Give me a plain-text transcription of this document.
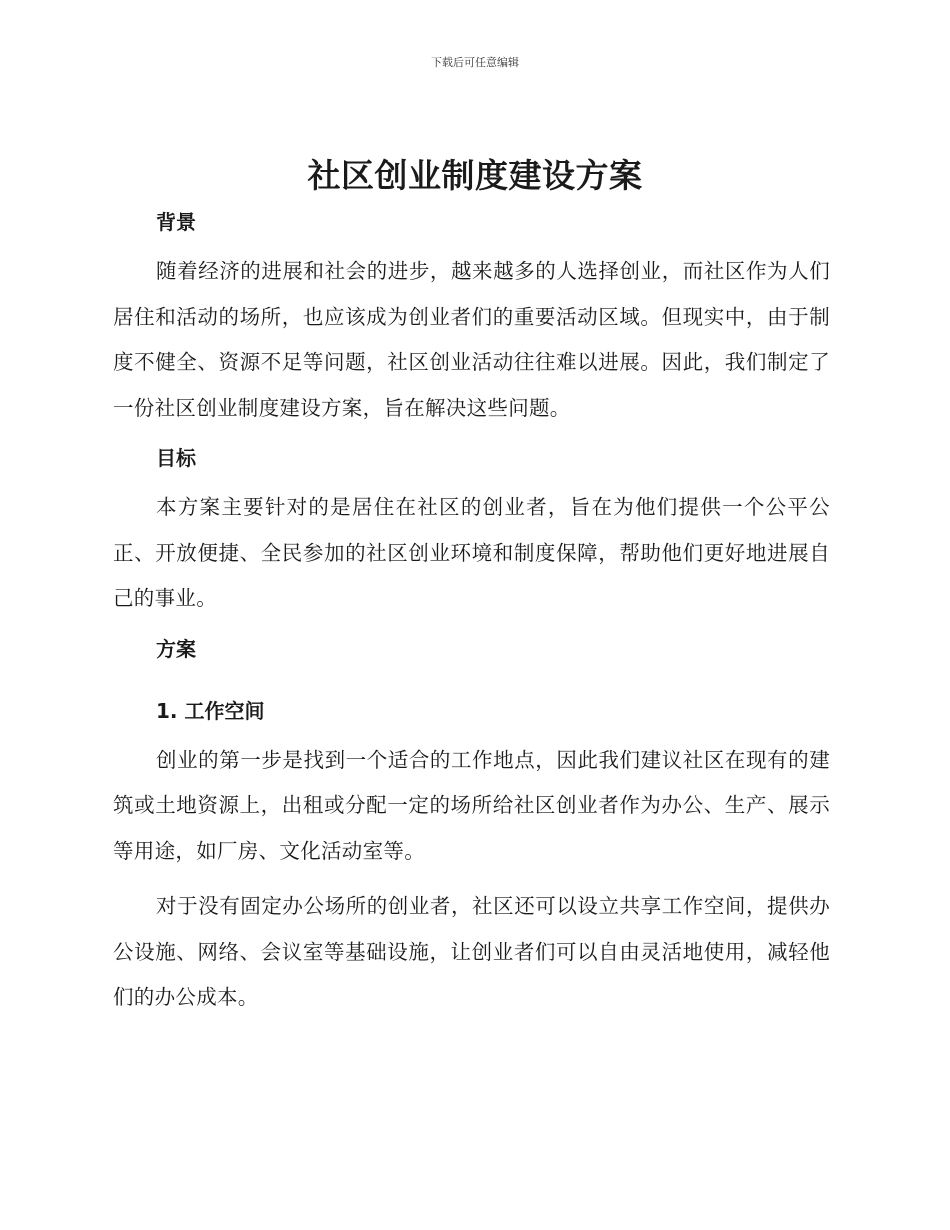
下载后可任意编辑
社区创业制度建设方案

背景

随着经济的进展和社会的进步，越来越多的人选择创业，而社区作为人们居住和活动的场所，也应该成为创业者们的重要活动区域。但现实中，由于制度不健全、资源不足等问题，社区创业活动往往难以进展。因此，我们制定了一份社区创业制度建设方案，旨在解决这些问题。

目标

本方案主要针对的是居住在社区的创业者，旨在为他们提供一个公平公正、开放便捷、全民参加的社区创业环境和制度保障，帮助他们更好地进展自己的事业。

方案

1. 工作空间

创业的第一步是找到一个适合的工作地点，因此我们建议社区在现有的建筑或土地资源上，出租或分配一定的场所给社区创业者作为办公、生产、展示等用途，如厂房、文化活动室等。

对于没有固定办公场所的创业者，社区还可以设立共享工作空间，提供办公设施、网络、会议室等基础设施，让创业者们可以自由灵活地使用，减轻他们的办公成本。
